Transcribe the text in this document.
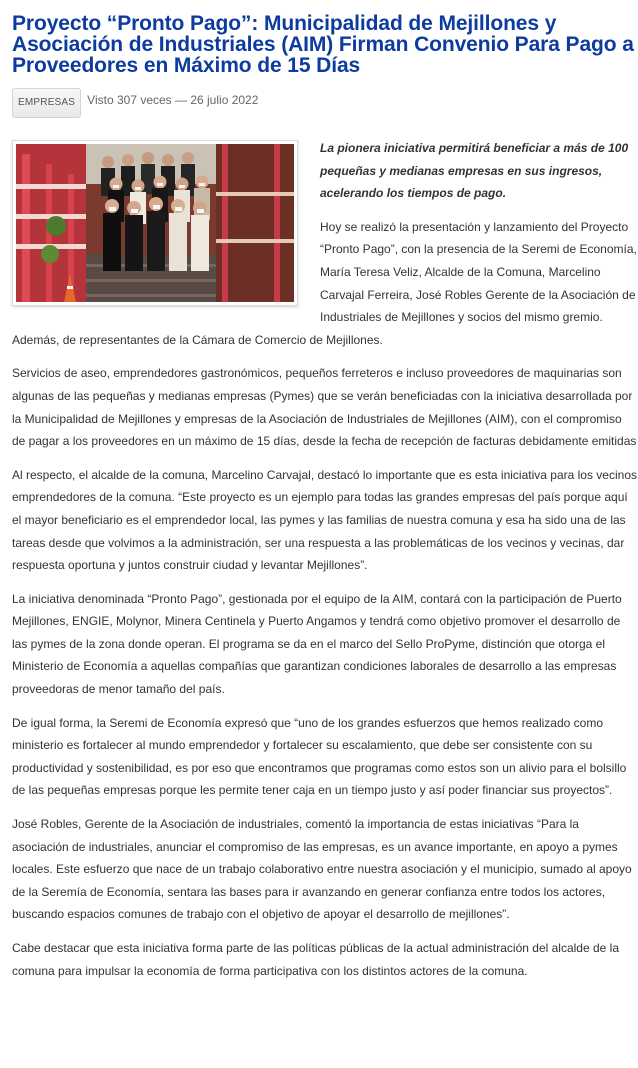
Proyecto “Pronto Pago”: Municipalidad de Mejillones y Asociación de Industriales (AIM) Firman Convenio Para Pago a Proveedores en Máximo de 15 Días
EMPRESAS	Visto 307 veces — 26 julio 2022

La pionera iniciativa permitirá beneficiar a más de 100 pequeñas y medianas empresas en sus ingresos, acelerando los tiempos de pago.

Hoy se realizó la presentación y lanzamiento del Proyecto “Pronto Pago”, con la presencia de la Seremi de Economía, María Teresa Veliz, Alcalde de la Comuna, Marcelino Carvajal Ferreira, José Robles Gerente de la Asociación de Industriales de Mejillones y socios del mismo gremio. Además, de representantes de la Cámara de Comercio de Mejillones.

Servicios de aseo, emprendedores gastronómicos, pequeños ferreteros e incluso proveedores de maquinarias son algunas de las pequeñas y medianas empresas (Pymes) que se verán beneficiadas con la iniciativa desarrollada por la Municipalidad de Mejillones y empresas de la Asociación de Industriales de Mejillones (AIM), con el compromiso de pagar a los proveedores en un máximo de 15 días, desde la fecha de recepción de facturas debidamente emitidas

Al respecto, el alcalde de la comuna, Marcelino Carvajal, destacó lo importante que es esta iniciativa para los vecinos emprendedores de la comuna. “Este proyecto es un ejemplo para todas las grandes empresas del país porque aquí el mayor beneficiario es el emprendedor local, las pymes y las familias de nuestra comuna y esa ha sido una de las tareas desde que volvimos a la administración, ser una respuesta a las problemáticas de los vecinos y vecinas, dar respuesta oportuna y juntos construir ciudad y levantar Mejillones”.

La iniciativa denominada “Pronto Pago”, gestionada por el equipo de la AIM, contará con la participación de Puerto Mejillones, ENGIE, Molynor, Minera Centinela y Puerto Angamos y tendrá como objetivo promover el desarrollo de las pymes de la zona donde operan. El programa se da en el marco del Sello ProPyme, distinción que otorga el Ministerio de Economía a aquellas compañías que garantizan condiciones laborales de desarrollo a las empresas proveedoras de menor tamaño del país.

De igual forma, la Seremi de Economía expresó que “uno de los grandes esfuerzos que hemos realizado como ministerio es fortalecer al mundo emprendedor y fortalecer su escalamiento, que debe ser consistente con su productividad y sostenibilidad, es por eso que encontramos que programas como estos son un alivio para el bolsillo de las pequeñas empresas porque les permite tener caja en un tiempo justo y así poder financiar sus proyectos”.

José Robles, Gerente de la Asociación de industriales, comentó la importancia de estas iniciativas “Para la asociación de industriales, anunciar el compromiso de las empresas, es un avance importante, en apoyo a pymes locales. Este esfuerzo que nace de un trabajo colaborativo entre nuestra asociación y el municipio, sumado al apoyo de la Seremía de Economía, sentara las bases para ir avanzando en generar confianza entre todos los actores, buscando espacios comunes de trabajo con el objetivo de apoyar el desarrollo de mejillones”.

Cabe destacar que esta iniciativa forma parte de las políticas públicas de la actual administración del alcalde de la comuna para impulsar la economía de forma participativa con los distintos actores de la comuna.
